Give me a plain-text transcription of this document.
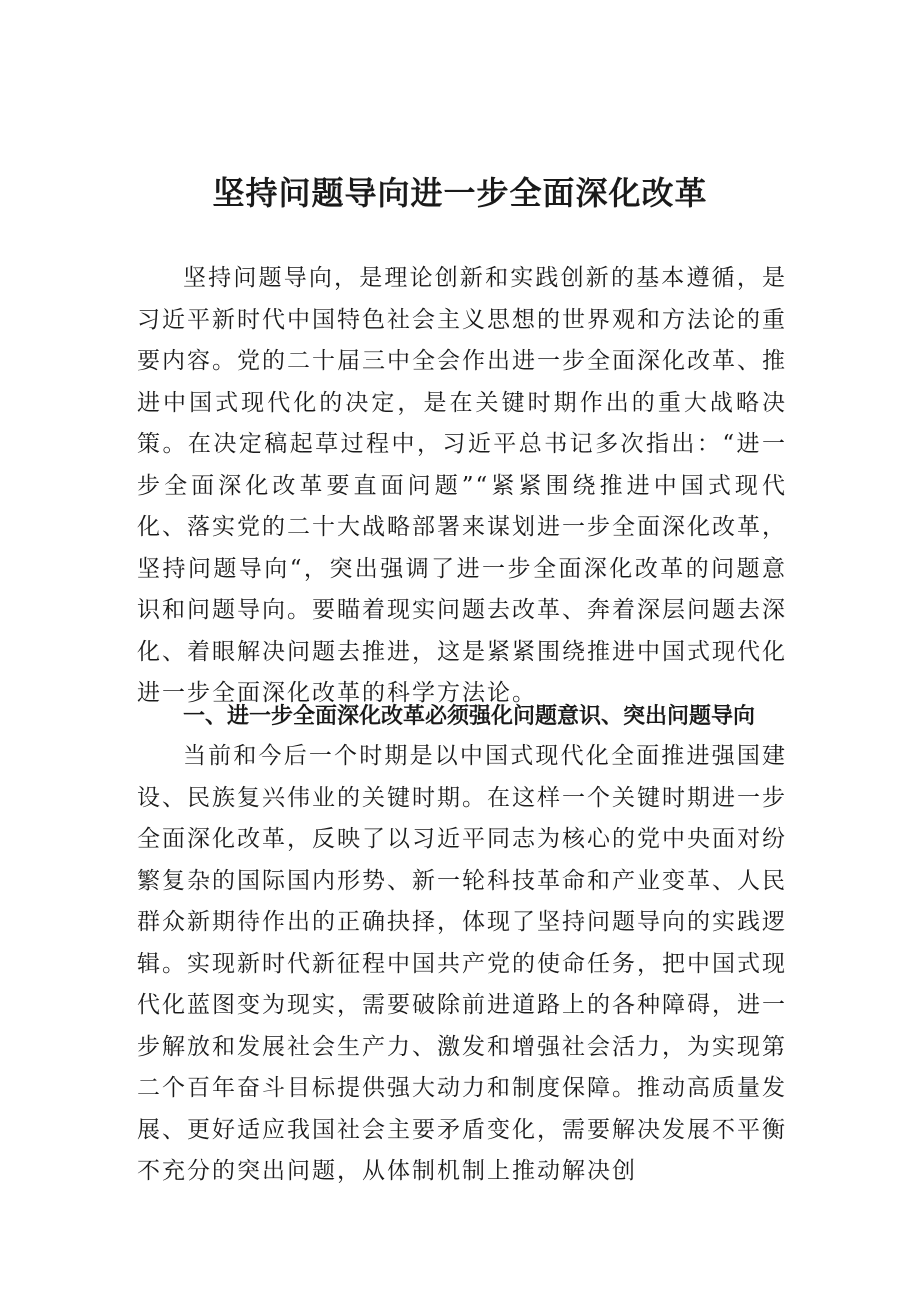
坚持问题导向进一步全面深化改革

坚持问题导向，是理论创新和实践创新的基本遵循，是习近平新时代中国特色社会主义思想的世界观和方法论的重要内容。党的二十届三中全会作出进一步全面深化改革、推进中国式现代化的决定，是在关键时期作出的重大战略决策。在决定稿起草过程中，习近平总书记多次指出：“进一步全面深化改革要直面问题”“紧紧围绕推进中国式现代化、落实党的二十大战略部署来谋划进一步全面深化改革，坚持问题导向“，突出强调了进一步全面深化改革的问题意识和问题导向。要瞄着现实问题去改革、奔着深层问题去深化、着眼解决问题去推进，这是紧紧围绕推进中国式现代化进一步全面深化改革的科学方法论。

一、进一步全面深化改革必须强化问题意识、突出问题导向

当前和今后一个时期是以中国式现代化全面推进强国建设、民族复兴伟业的关键时期。在这样一个关键时期进一步全面深化改革，反映了以习近平同志为核心的党中央面对纷繁复杂的国际国内形势、新一轮科技革命和产业变革、人民群众新期待作出的正确抉择，体现了坚持问题导向的实践逻辑。实现新时代新征程中国共产党的使命任务，把中国式现代化蓝图变为现实，需要破除前进道路上的各种障碍，进一步解放和发展社会生产力、激发和增强社会活力，为实现第二个百年奋斗目标提供强大动力和制度保障。推动高质量发展、更好适应我国社会主要矛盾变化，需要解决发展不平衡不充分的突出问题，从体制机制上推动解决创
